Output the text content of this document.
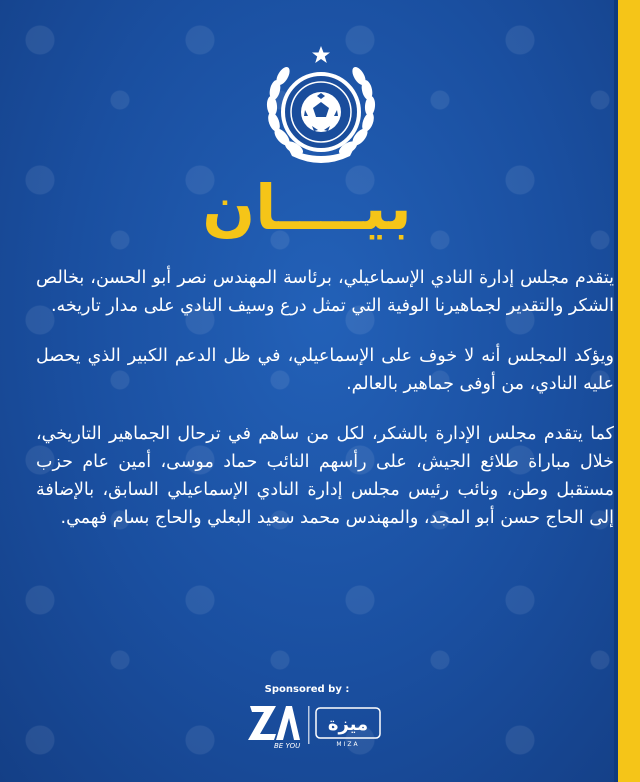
بيــــان

يتقدم مجلس إدارة النادي الإسماعيلي، برئاسة المهندس نصر أبو الحسن، بخالص الشكر والتقدير لجماهيرنا الوفية التي تمثل درع وسيف النادي على مدار تاريخه.

ويؤكد المجلس أنه لا خوف على الإسماعيلي، في ظل الدعم الكبير الذي يحصل عليه النادي، من أوفى جماهير بالعالم.

كما يتقدم مجلس الإدارة بالشكر، لكل من ساهم في ترحال الجماهير التاريخي، خلال مباراة طلائع الجيش، على رأسهم النائب حماد موسى، أمين عام حزب مستقبل وطن، ونائب رئيس مجلس إدارة النادي الإسماعيلي السابق، بالإضافة إلى الحاج حسن أبو المجد، والمهندس محمد سعيد البعلي والحاج بسام فهمي.

Sponsored by :
BE YOU
ميزة
MIZA
